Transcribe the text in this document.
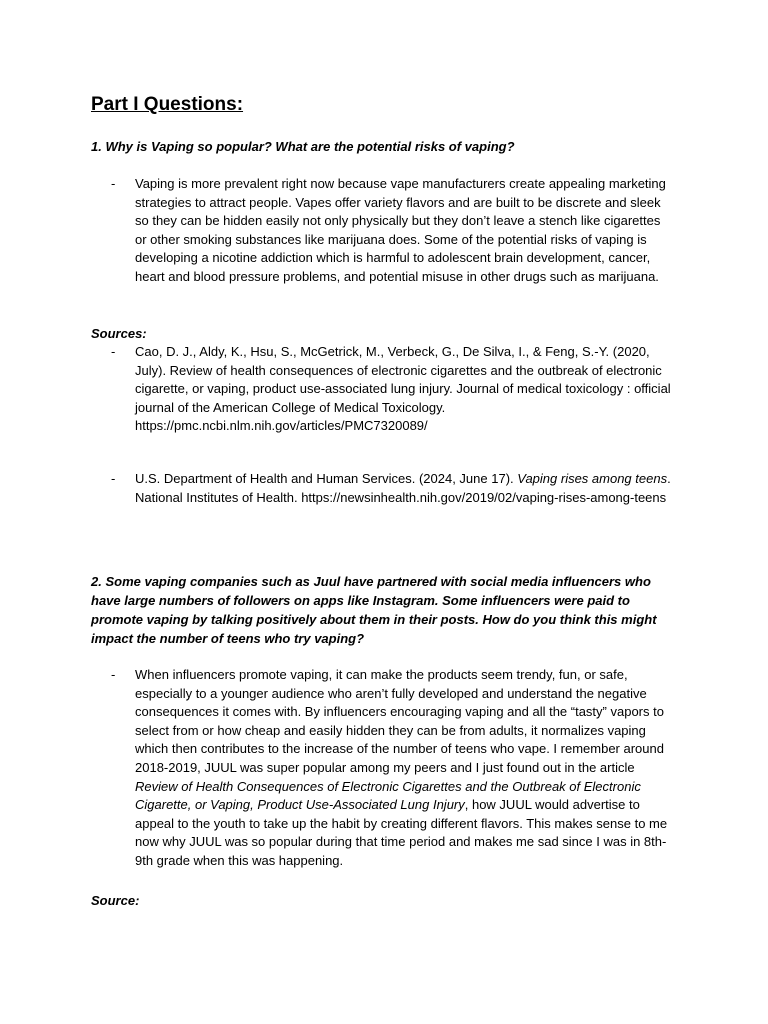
Part I Questions:

1. Why is Vaping so popular? What are the potential risks of vaping?

- Vaping is more prevalent right now because vape manufacturers create appealing marketing strategies to attract people. Vapes offer variety flavors and are built to be discrete and sleek so they can be hidden easily not only physically but they don’t leave a stench like cigarettes or other smoking substances like marijuana does. Some of the potential risks of vaping is developing a nicotine addiction which is harmful to adolescent brain development, cancer, heart and blood pressure problems, and potential misuse in other drugs such as marijuana.

Sources:

- Cao, D. J., Aldy, K., Hsu, S., McGetrick, M., Verbeck, G., De Silva, I., & Feng, S.-Y. (2020, July). Review of health consequences of electronic cigarettes and the outbreak of electronic cigarette, or vaping, product use-associated lung injury. Journal of medical toxicology : official journal of the American College of Medical Toxicology. https://pmc.ncbi.nlm.nih.gov/articles/PMC7320089/
- U.S. Department of Health and Human Services. (2024, June 17). Vaping rises among teens. National Institutes of Health. https://newsinhealth.nih.gov/2019/02/vaping-rises-among-teens

2. Some vaping companies such as Juul have partnered with social media influencers who have large numbers of followers on apps like Instagram. Some influencers were paid to promote vaping by talking positively about them in their posts. How do you think this might impact the number of teens who try vaping?

- When influencers promote vaping, it can make the products seem trendy, fun, or safe, especially to a younger audience who aren’t fully developed and understand the negative consequences it comes with. By influencers encouraging vaping and all the “tasty” vapors to select from or how cheap and easily hidden they can be from adults, it normalizes vaping which then contributes to the increase of the number of teens who vape. I remember around 2018-2019, JUUL was super popular among my peers and I just found out in the article Review of Health Consequences of Electronic Cigarettes and the Outbreak of Electronic Cigarette, or Vaping, Product Use-Associated Lung Injury, how JUUL would advertise to appeal to the youth to take up the habit by creating different flavors. This makes sense to me now why JUUL was so popular during that time period and makes me sad since I was in 8th-9th grade when this was happening.

Source:
